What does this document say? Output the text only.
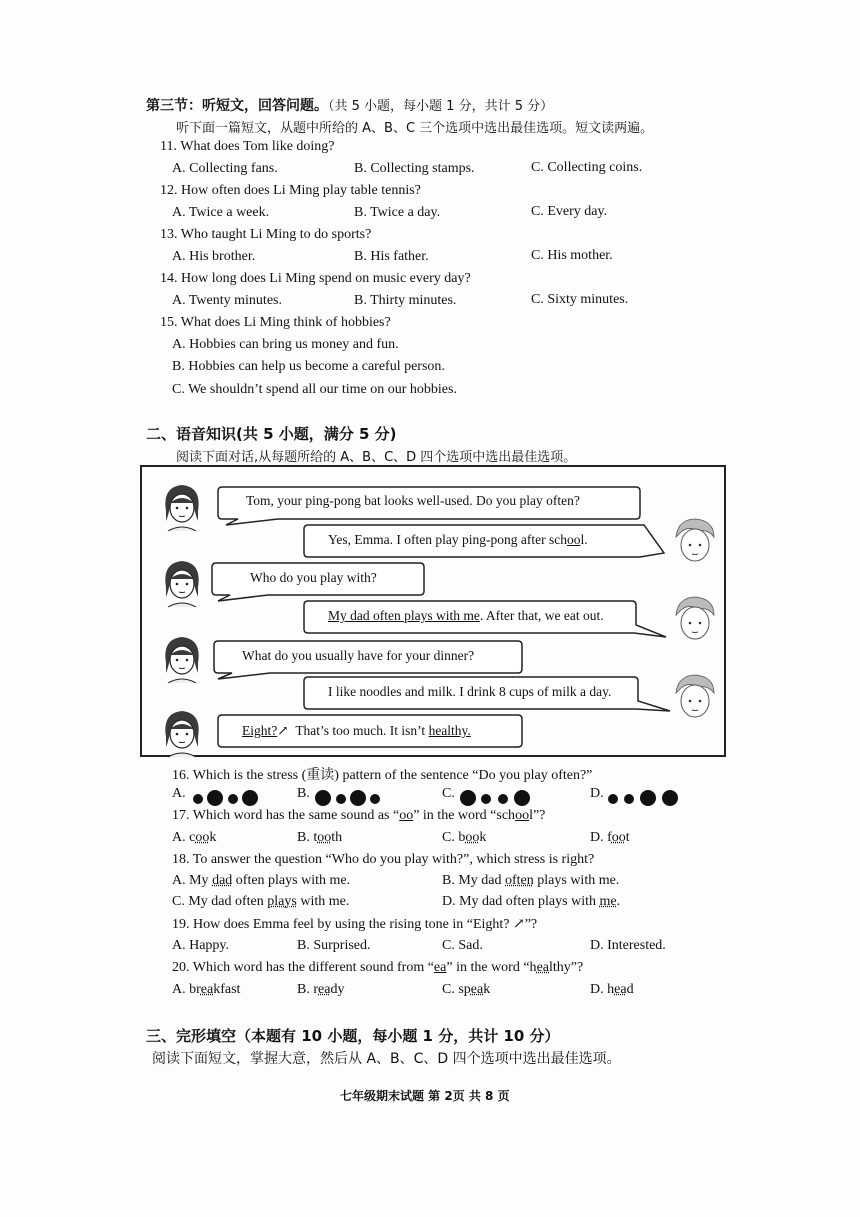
第三节：听短文，回答问题。（共 5 小题，每小题 1 分，共计 5 分）
听下面一篇短文，从题中所给的 A、B、C 三个选项中选出最佳选项。短文读两遍。
11. What does Tom like doing?
A. Collecting fans.	B. Collecting stamps.	C. Collecting coins.
12. How often does Li Ming play table tennis?
A. Twice a week.	B. Twice a day.	C. Every day.
13. Who taught Li Ming to do sports?
A. His brother.	B. His father.	C. His mother.
14. How long does Li Ming spend on music every day?
A. Twenty minutes.	B. Thirty minutes.	C. Sixty minutes.
15. What does Li Ming think of hobbies?
A. Hobbies can bring us money and fun.
B. Hobbies can help us become a careful person.
C. We shouldn’t spend all our time on our hobbies.
二、语音知识(共 5 小题，满分 5 分)
阅读下面对话,从每题所给的 A、B、C、D 四个选项中选出最佳选项。
Tom, your ping-pong bat looks well-used. Do you play often?
Yes, Emma. I often play ping-pong after school.
Who do you play with?
My dad often plays with me. After that, we eat out.
What do you usually have for your dinner?
I like noodles and milk. I drink 8 cups of milk a day.
Eight?↗ That’s too much. It isn’t healthy.
16. Which is the stress (重读) pattern of the sentence “Do you play often?”
A.	B.	C.	D.
17. Which word has the same sound as “oo” in the word “school”?
A. cook	B. tooth	C. book	D. foot
18. To answer the question “Who do you play with?”, which stress is right?
A. My dad often plays with me.	B. My dad often plays with me.
C. My dad often plays with me.	D. My dad often plays with me.
19. How does Emma feel by using the rising tone in “Eight? ↗”?
A. Happy.	B. Surprised.	C. Sad.	D. Interested.
20. Which word has the different sound from “ea” in the word “healthy”?
A. breakfast	B. ready	C. speak	D. head
三、完形填空（本题有 10 小题，每小题 1 分，共计 10 分）
阅读下面短文，掌握大意，然后从 A、B、C、D 四个选项中选出最佳选项。
七年级期末试题 第 2页 共 8 页
